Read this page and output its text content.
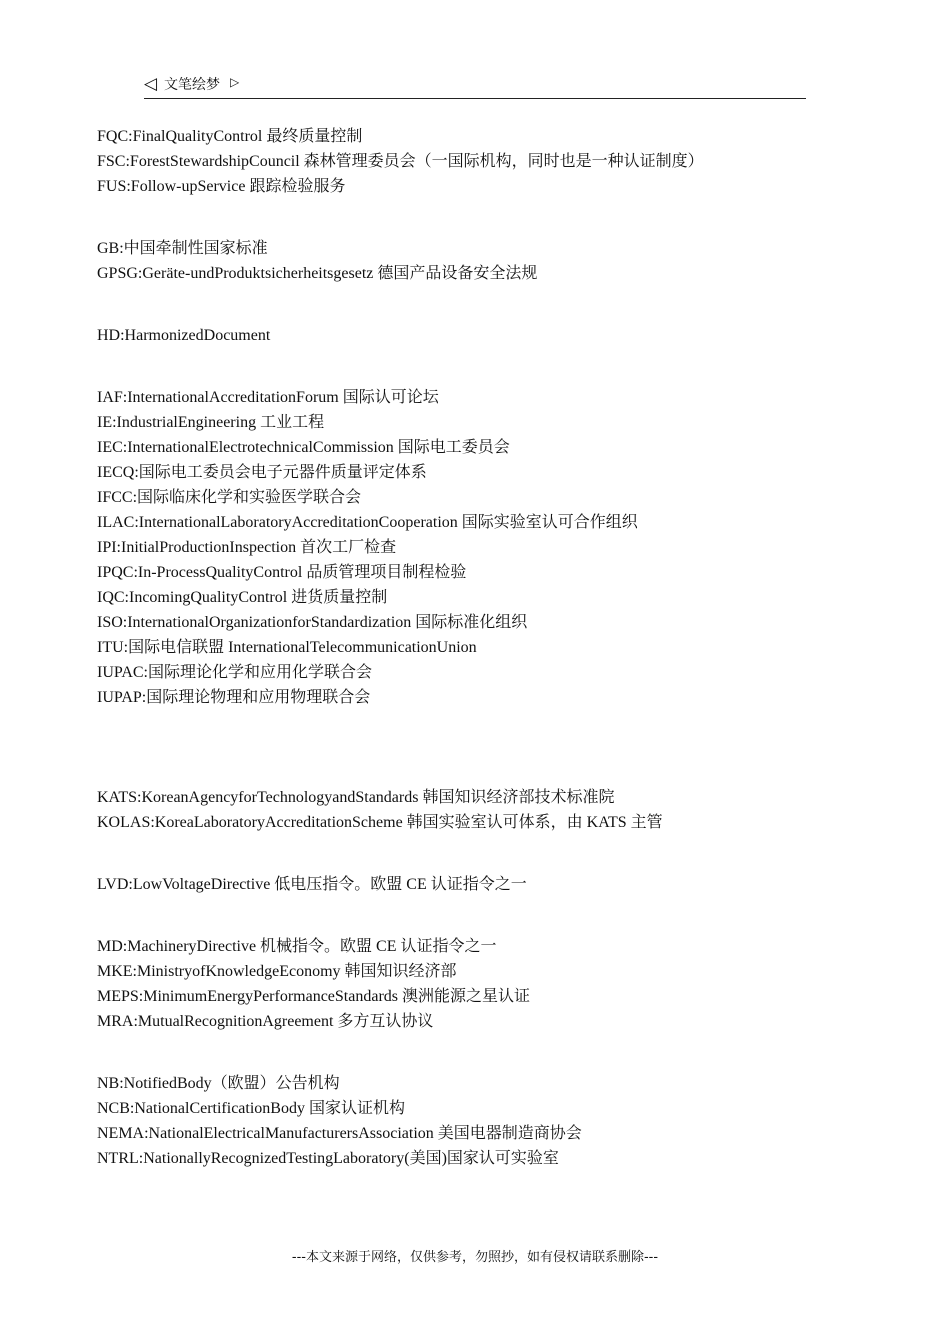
◁ 文笔绘梦 ▷
FQC:FinalQualityControl 最终质量控制
FSC:ForestStewardshipCouncil 森林管理委员会（一国际机构，同时也是一种认证制度）
FUS:Follow-upService 跟踪检验服务
GB:中国牵制性国家标准
GPSG:Geräte-undProduktsicherheitsgesetz 德国产品设备安全法规
HD:HarmonizedDocument
IAF:InternationalAccreditationForum 国际认可论坛
IE:IndustrialEngineering 工业工程
IEC:InternationalElectrotechnicalCommission 国际电工委员会
IECQ:国际电工委员会电子元器件质量评定体系
IFCC:国际临床化学和实验医学联合会
ILAC:InternationalLaboratoryAccreditationCooperation 国际实验室认可合作组织
IPI:InitialProductionInspection 首次工厂检查
IPQC:In-ProcessQualityControl 品质管理项目制程检验
IQC:IncomingQualityControl 进货质量控制
ISO:InternationalOrganizationforStandardization 国际标准化组织
ITU:国际电信联盟 InternationalTelecommunicationUnion
IUPAC:国际理论化学和应用化学联合会
IUPAP:国际理论物理和应用物理联合会
KATS:KoreanAgencyforTechnologyandStandards 韩国知识经济部技术标准院
KOLAS:KoreaLaboratoryAccreditationScheme 韩国实验室认可体系，由 KATS 主管
LVD:LowVoltageDirective 低电压指令。欧盟 CE 认证指令之一
MD:MachineryDirective 机械指令。欧盟 CE 认证指令之一
MKE:MinistryofKnowledgeEconomy 韩国知识经济部
MEPS:MinimumEnergyPerformanceStandards 澳洲能源之星认证
MRA:MutualRecognitionAgreement 多方互认协议
NB:NotifiedBody（欧盟）公告机构
NCB:NationalCertificationBody 国家认证机构
NEMA:NationalElectricalManufacturersAssociation 美国电器制造商协会
NTRL:NationallyRecognizedTestingLaboratory(美国)国家认可实验室
---本文来源于网络，仅供参考，勿照抄，如有侵权请联系删除---
